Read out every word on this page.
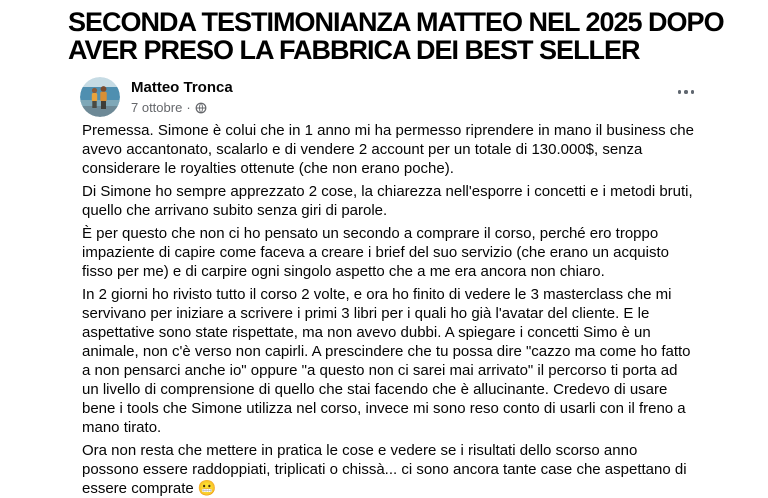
SECONDA TESTIMONIANZA MATTEO NEL 2025 DOPO AVER PRESO LA FABBRICA DEI BEST SELLER
Matteo Tronca
7 ottobre ·

Premessa. Simone è colui che in 1 anno mi ha permesso riprendere in mano il business che avevo accantonato, scalarlo e di vendere 2 account per un totale di 130.000$, senza considerare le royalties ottenute (che non erano poche).

Di Simone ho sempre apprezzato 2 cose, la chiarezza nell'esporre i concetti e i metodi bruti, quello che arrivano subito senza giri di parole.

È per questo che non ci ho pensato un secondo a comprare il corso, perché ero troppo impaziente di capire come faceva a creare i brief del suo servizio (che erano un acquisto fisso per me) e di carpire ogni singolo aspetto che a me era ancora non chiaro.

In 2 giorni ho rivisto tutto il corso 2 volte, e ora ho finito di vedere le 3 masterclass che mi servivano per iniziare a scrivere i primi 3 libri per i quali ho già l'avatar del cliente. E le aspettative sono state rispettate, ma non avevo dubbi. A spiegare i concetti Simo è un animale, non c'è verso non capirli. A prescindere che tu possa dire "cazzo ma come ho fatto a non pensarci anche io" oppure "a questo non ci sarei mai arrivato" il percorso ti porta ad un livello di comprensione di quello che stai facendo che è allucinante. Credevo di usare bene i tools che Simone utilizza nel corso, invece mi sono reso conto di usarli con il freno a mano tirato.

Ora non resta che mettere in pratica le cose e vedere se i risultati dello scorso anno possono essere raddoppiati, triplicati o chissà... ci sono ancora tante case che aspettano di essere comprate 😬
